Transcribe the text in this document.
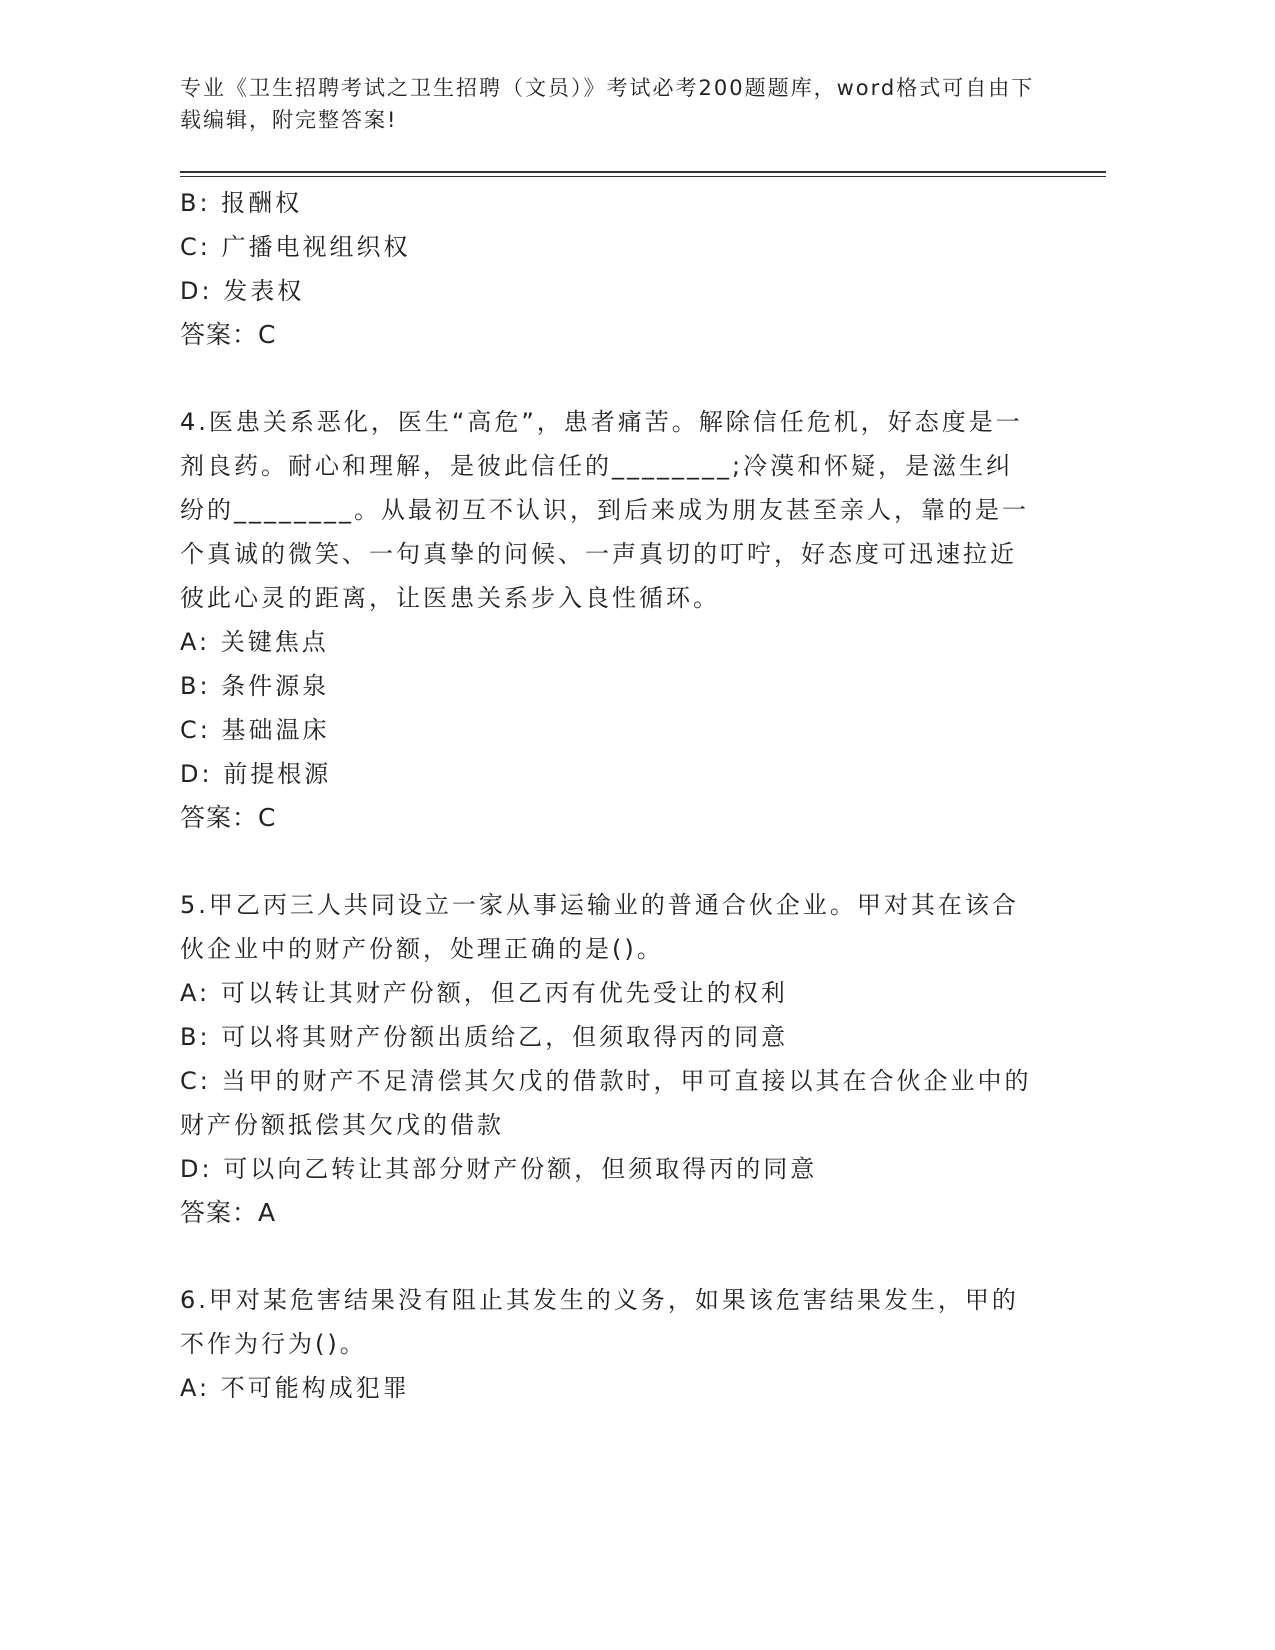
专业《卫生招聘考试之卫生招聘（文员）》考试必考200题题库，word格式可自由下载编辑，附完整答案!
B: 报酬权
C: 广播电视组织权
D: 发表权
答案：C
4.医患关系恶化，医生“高危”，患者痛苦。解除信任危机，好态度是一剂良药。耐心和理解，是彼此信任的________;冷漠和怀疑，是滋生纠纷的________。从最初互不认识，到后来成为朋友甚至亲人，靠的是一个真诚的微笑、一句真挚的问候、一声真切的叮咛，好态度可迅速拉近彼此心灵的距离，让医患关系步入良性循环。
A: 关键焦点
B: 条件源泉
C: 基础温床
D: 前提根源
答案：C
5.甲乙丙三人共同设立一家从事运输业的普通合伙企业。甲对其在该合伙企业中的财产份额，处理正确的是()。
A: 可以转让其财产份额，但乙丙有优先受让的权利
B: 可以将其财产份额出质给乙，但须取得丙的同意
C: 当甲的财产不足清偿其欠戊的借款时，甲可直接以其在合伙企业中的财产份额抵偿其欠戊的借款
D: 可以向乙转让其部分财产份额，但须取得丙的同意
答案：A
6.甲对某危害结果没有阻止其发生的义务，如果该危害结果发生，甲的不作为行为()。
A: 不可能构成犯罪
